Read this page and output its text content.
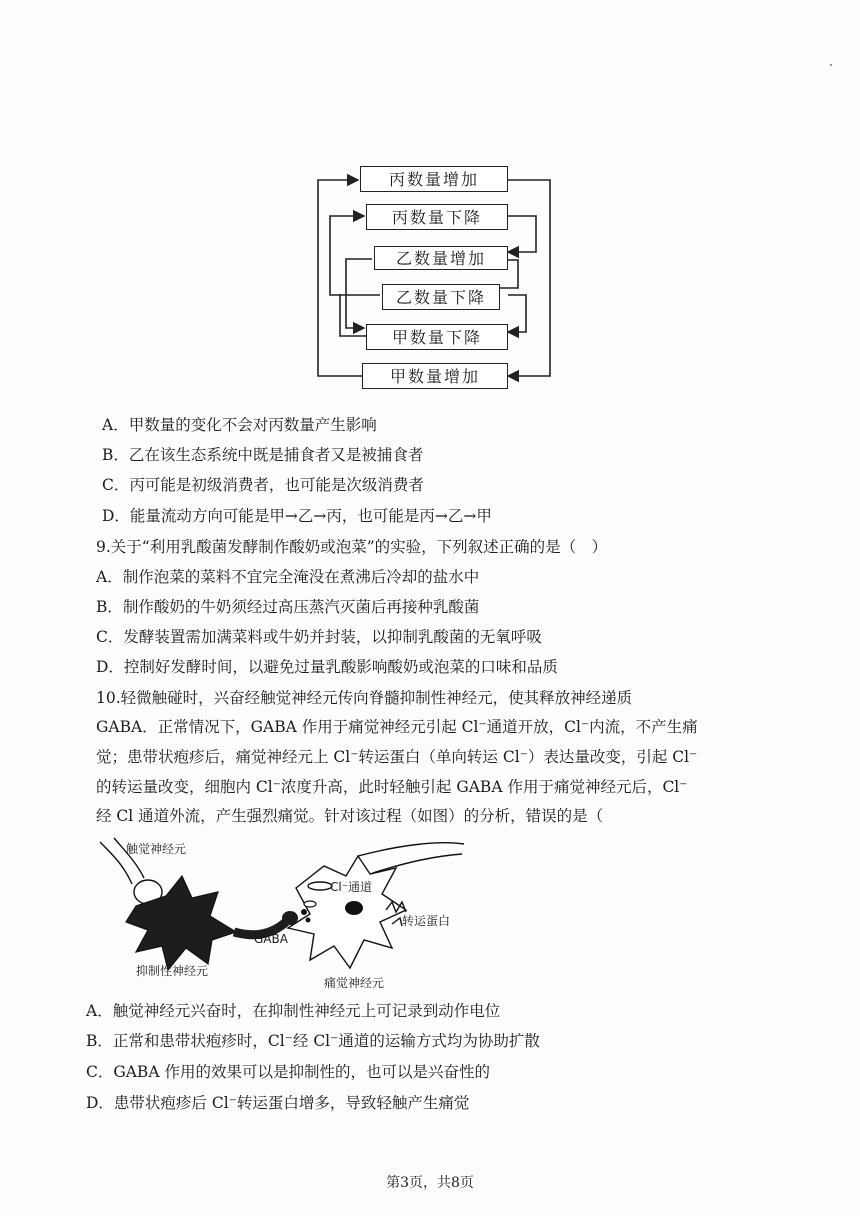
丙数量增加
丙数量下降
乙数量增加
乙数量下降
甲数量下降
甲数量增加
A．甲数量的变化不会对丙数量产生影响
B．乙在该生态系统中既是捕食者又是被捕食者
C．丙可能是初级消费者，也可能是次级消费者
D．能量流动方向可能是甲→乙→丙，也可能是丙→乙→甲
9.关于“利用乳酸菌发酵制作酸奶或泡菜”的实验，下列叙述正确的是（　）
A．制作泡菜的菜料不宜完全淹没在煮沸后冷却的盐水中
B．制作酸奶的牛奶须经过高压蒸汽灭菌后再接种乳酸菌
C．发酵装置需加满菜料或牛奶并封装，以抑制乳酸菌的无氧呼吸
D．控制好发酵时间，以避免过量乳酸影响酸奶或泡菜的口味和品质
10.轻微触碰时，兴奋经触觉神经元传向脊髓抑制性神经元，使其释放神经递质
GABA．正常情况下，GABA 作用于痛觉神经元引起 Cl⁻通道开放，Cl⁻内流，不产生痛
觉；患带状疱疹后，痛觉神经元上 Cl⁻转运蛋白（单向转运 Cl⁻）表达量改变，引起 Cl⁻
的转运量改变，细胞内 Cl⁻浓度升高，此时轻触引起 GABA 作用于痛觉神经元后，Cl⁻
经 Cl 通道外流，产生强烈痛觉。针对该过程（如图）的分析，错误的是（
触觉神经元
Cl⁻通道
转运蛋白
GABA
抑制性神经元
痛觉神经元
A．触觉神经元兴奋时，在抑制性神经元上可记录到动作电位
B．正常和患带状疱疹时，Cl⁻经 Cl⁻通道的运输方式均为协助扩散
C．GABA 作用的效果可以是抑制性的，也可以是兴奋性的
D．患带状疱疹后 Cl⁻转运蛋白增多，导致轻触产生痛觉
第3页，共8页
